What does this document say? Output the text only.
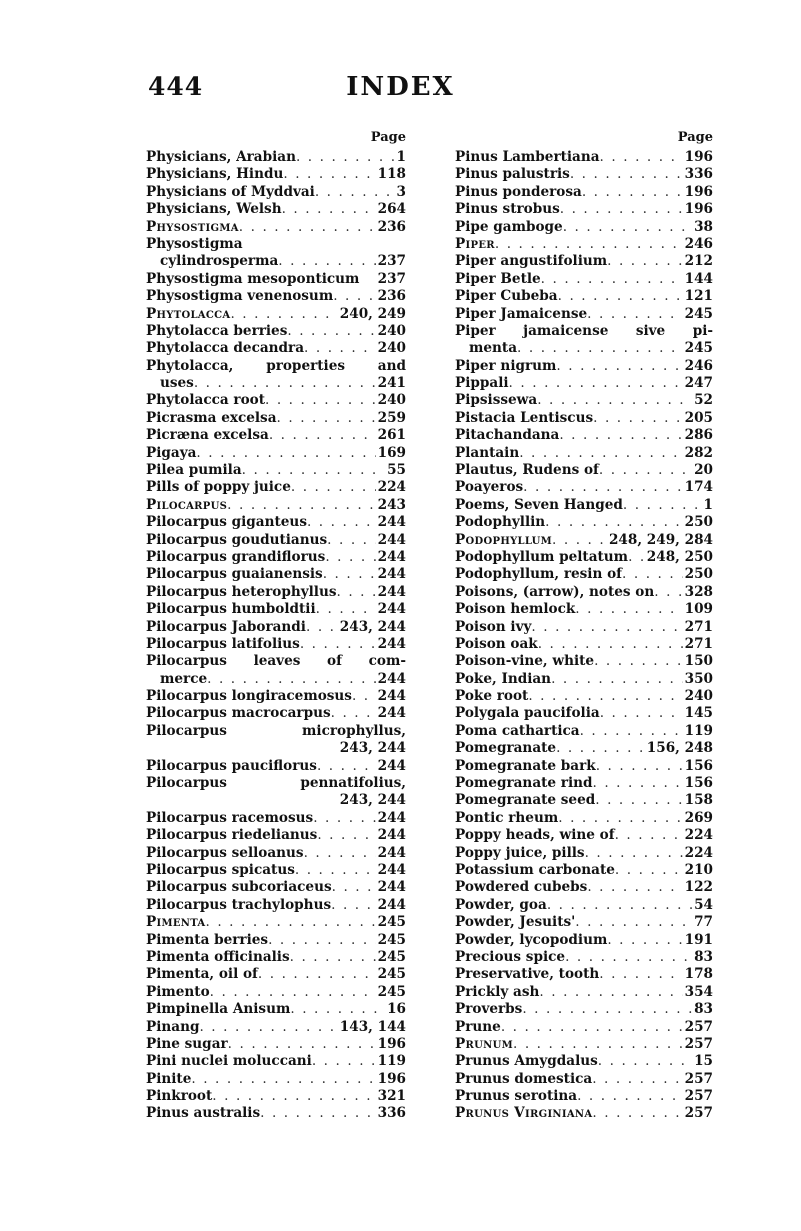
444	INDEX
Page
Physicians, Arabian . . .	1
Physicians, Hindu . . .	118
Physicians of Myddvai . . .	3
Physicians, Welsh . . .	264
Physostigma . . .	236
Physostigma
cylindrosperma . . .	237
Physostigma mesoponticum 237
Physostigma venenosum . . .	236
Phytolacca . . .	240, 249
Phytolacca berries . . .	240
Phytolacca decandra . . .	240
Phytolacca, properties and
uses . . .	241
Phytolacca root . . .	240
Picrasma excelsa . . .	259
Picræna excelsa . . .	261
Pigaya . . .	169
Pilea pumila . . .	55
Pills of poppy juice . . .	224
Pilocarpus . . .	243
Pilocarpus giganteus . . .	244
Pilocarpus goudutianus . . .	244
Pilocarpus grandiflorus . . .	244
Pilocarpus guaianensis . . .	244
Pilocarpus heterophyllus . . .	244
Pilocarpus humboldtii . . .	244
Pilocarpus Jaborandi . . . 243, 244
Pilocarpus latifolius . . .	244
Pilocarpus leaves of com-
merce . . .	244
Pilocarpus longiracemosus . . . 244
Pilocarpus macrocarpus . . .	244
Pilocarpus	microphyllus,
243, 244
Pilocarpus pauciflorus . . .	244
Pilocarpus	pennatifolius,
243, 244
Pilocarpus racemosus . . .	244
Pilocarpus riedelianus . . .	244
Pilocarpus selloanus . . .	244
Pilocarpus spicatus . . .	244
Pilocarpus subcoriaceus . . .	244
Pilocarpus trachylophus . . .	244
Pimenta . . .	245
Pimenta berries . . .	245
Pimenta officinalis . . .	245
Pimenta, oil of . . .	245
Pimento . . .	245
Pimpinella Anisum . . .	16
Pinang . . .	143, 144
Pine sugar . . .	196
Pini nuclei moluccani . . .	119
Pinite . . .	196
Pinkroot . . .	321
Pinus australis . . .	336
Page
Pinus Lambertiana . . .	196
Pinus palustris . . .	336
Pinus ponderosa . . .	196
Pinus strobus . . .	196
Pipe gamboge . . .	38
Piper . . .	246
Piper angustifolium . . .	212
Piper Betle . . .	144
Piper Cubeba . . .	121
Piper Jamaicense . . .	245
Piper jamaicense sive pi-
menta . . .	245
Piper nigrum . . .	246
Pippali . . .	247
Pipsissewa . . .	52
Pistacia Lentiscus . . .	205
Pitachandana . . .	286
Plantain . . .	282
Plautus, Rudens of . . .	20
Poayeros . . .	174
Poems, Seven Hanged . . .	1
Podophyllin . . .	250
Podophyllum . . .	248, 249, 284
Podophyllum peltatum . . . 248, 250
Podophyllum, resin of . . .	250
Poisons, (arrow), notes on . . . 328
Poison hemlock . . .	109
Poison ivy . . .	271
Poison oak . . .	271
Poison-vine, white . . .	150
Poke, Indian . . .	350
Poke root . . .	240
Polygala paucifolia . . .	145
Poma cathartica . . .	119
Pomegranate . . .	156, 248
Pomegranate bark . . .	156
Pomegranate rind . . .	156
Pomegranate seed . . .	158
Pontic rheum . . .	269
Poppy heads, wine of . . .	224
Poppy juice, pills . . .	224
Potassium carbonate . . .	210
Powdered cubebs . . .	122
Powder, goa . . .	54
Powder, Jesuits' . . .	77
Powder, lycopodium . . .	191
Precious spice . . .	83
Preservative, tooth . . .	178
Prickly ash . . .	354
Proverbs . . .	83
Prune . . .	257
Prunum . . .	257
Prunus Amygdalus . . .	15
Prunus domestica . . .	257
Prunus serotina . . .	257
Prunus Virginiana . . .	257
